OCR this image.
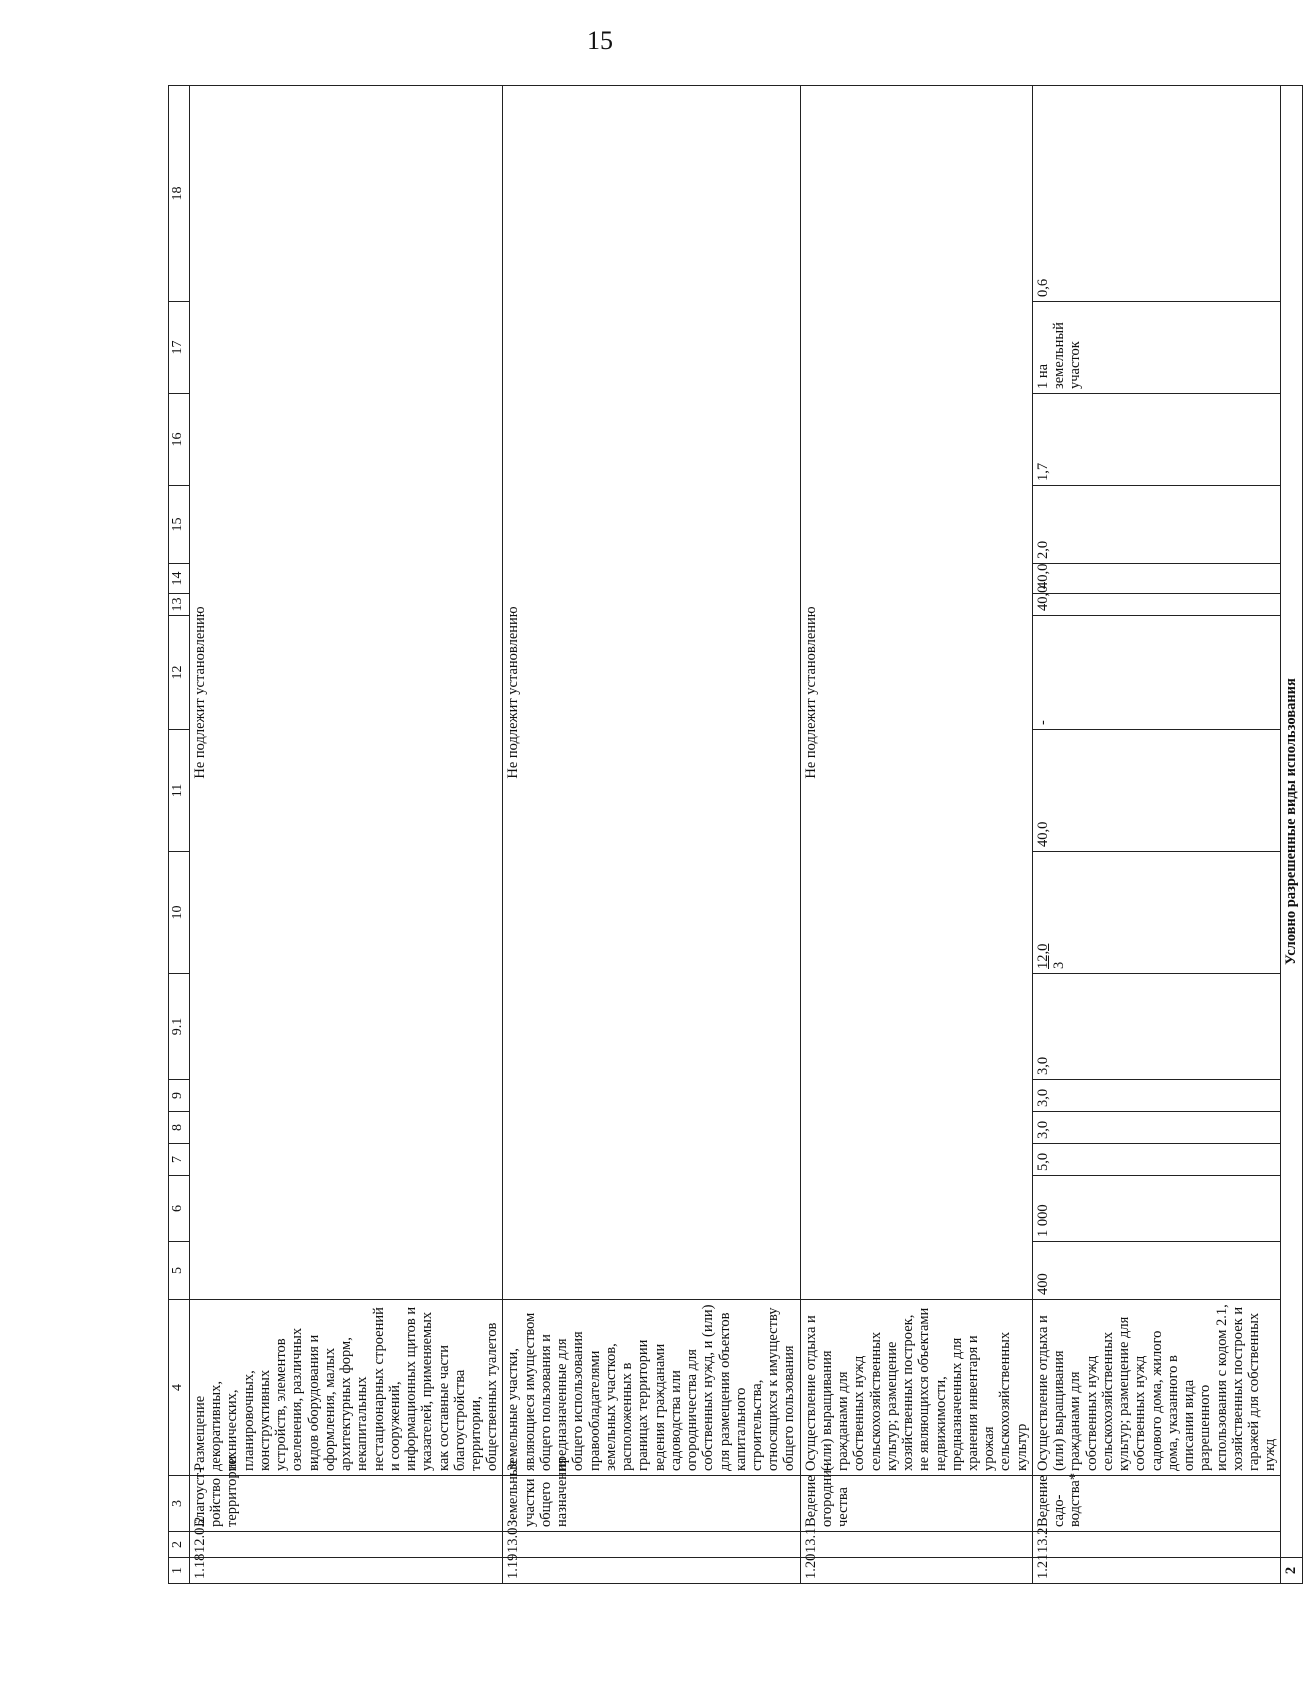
15
1	2	3	4	5	6	7	8	9	9.1	10	11	12	13	14	15	16	17	18
1.18	12.0.2	Благоуст-ройство территории	Размещение декоративных, технических, планировочных, конструктивных устройств, элементов озеленения, различных видов оборудования и оформления, малых архитектурных форм, некапитальных нестационарных строений и сооружений, информационных щитов и указателей, применяемых как составные части благоустройства территории, общественных туалетов	Не подлежит установлению														
1.19	13.0	Земельные участки общего назначения	Земельные участки, являющиеся имуществом общего пользования и предназначенные для общего использования правообладателями земельных участков, расположенных в границах территории ведения гражданами садоводства или огородничества для собственных нужд, и (или) для размещения объектов капитального строительства, относящихся к имуществу общего пользования	Не подлежит установлению														
1.20	13.1	Ведение огородни-чества	Осуществление отдыха и (или) выращивания гражданами для собственных нужд сельскохозяйственных культур; размещение хозяйственных построек, не являющихся объектами недвижимости, предназначенных для хранения инвентаря и урожая сельскохозяйственных культур	Не подлежит установлению														
1.21	13.2	Ведение садо-водства*	Осуществление отдыха и (или) выращивания гражданами для собственных нужд сельскохозяйственных культур; размещение для собственных нужд садового дома, жилого дома, указанного в описании вида разрешенного использования с кодом 2.1, хозяйственных построек и гаражей для собственных нужд	400	1 000	5,0	3,0	3,0	3,0	12,0 3	40,0	-	40,0	40,0	2,0	1,7	1 на земельный участок	0,6
2	Условно разрешенные виды использования																	
